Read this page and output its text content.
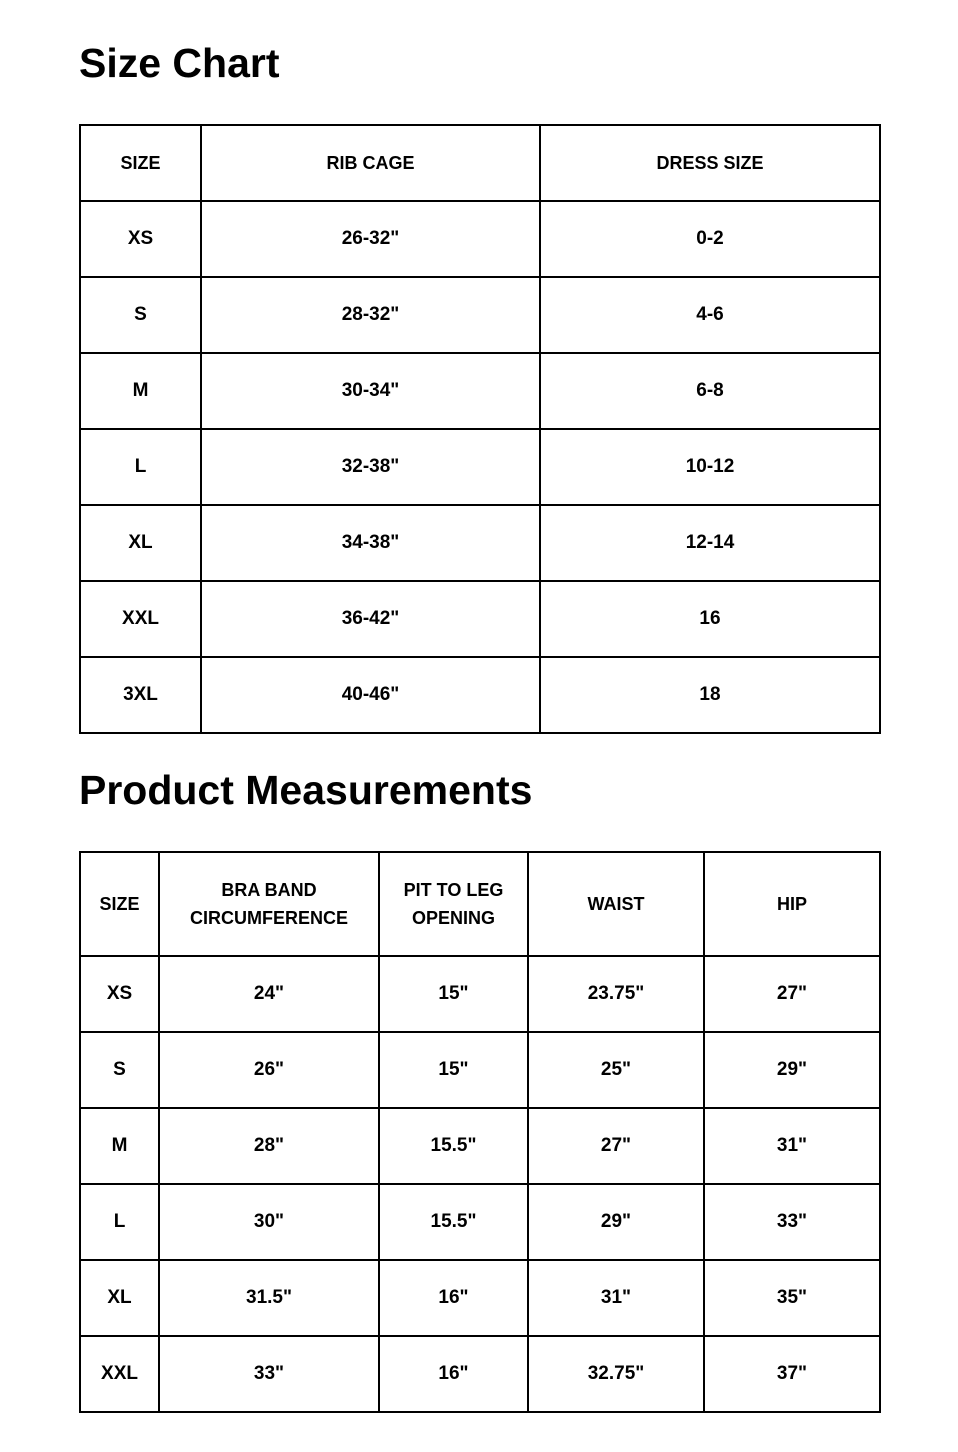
Size Chart
SIZE	RIB CAGE	DRESS SIZE
XS	26-32"	0-2
S	28-32"	4-6
M	30-34"	6-8
L	32-38"	10-12
XL	34-38"	12-14
XXL	36-42"	16
3XL	40-46"	18
Product Measurements
SIZE	BRA BAND CIRCUMFERENCE	PIT TO LEG OPENING	WAIST	HIP
XS	24"	15"	23.75"	27"
S	26"	15"	25"	29"
M	28"	15.5"	27"	31"
L	30"	15.5"	29"	33"
XL	31.5"	16"	31"	35"
XXL	33"	16"	32.75"	37"
